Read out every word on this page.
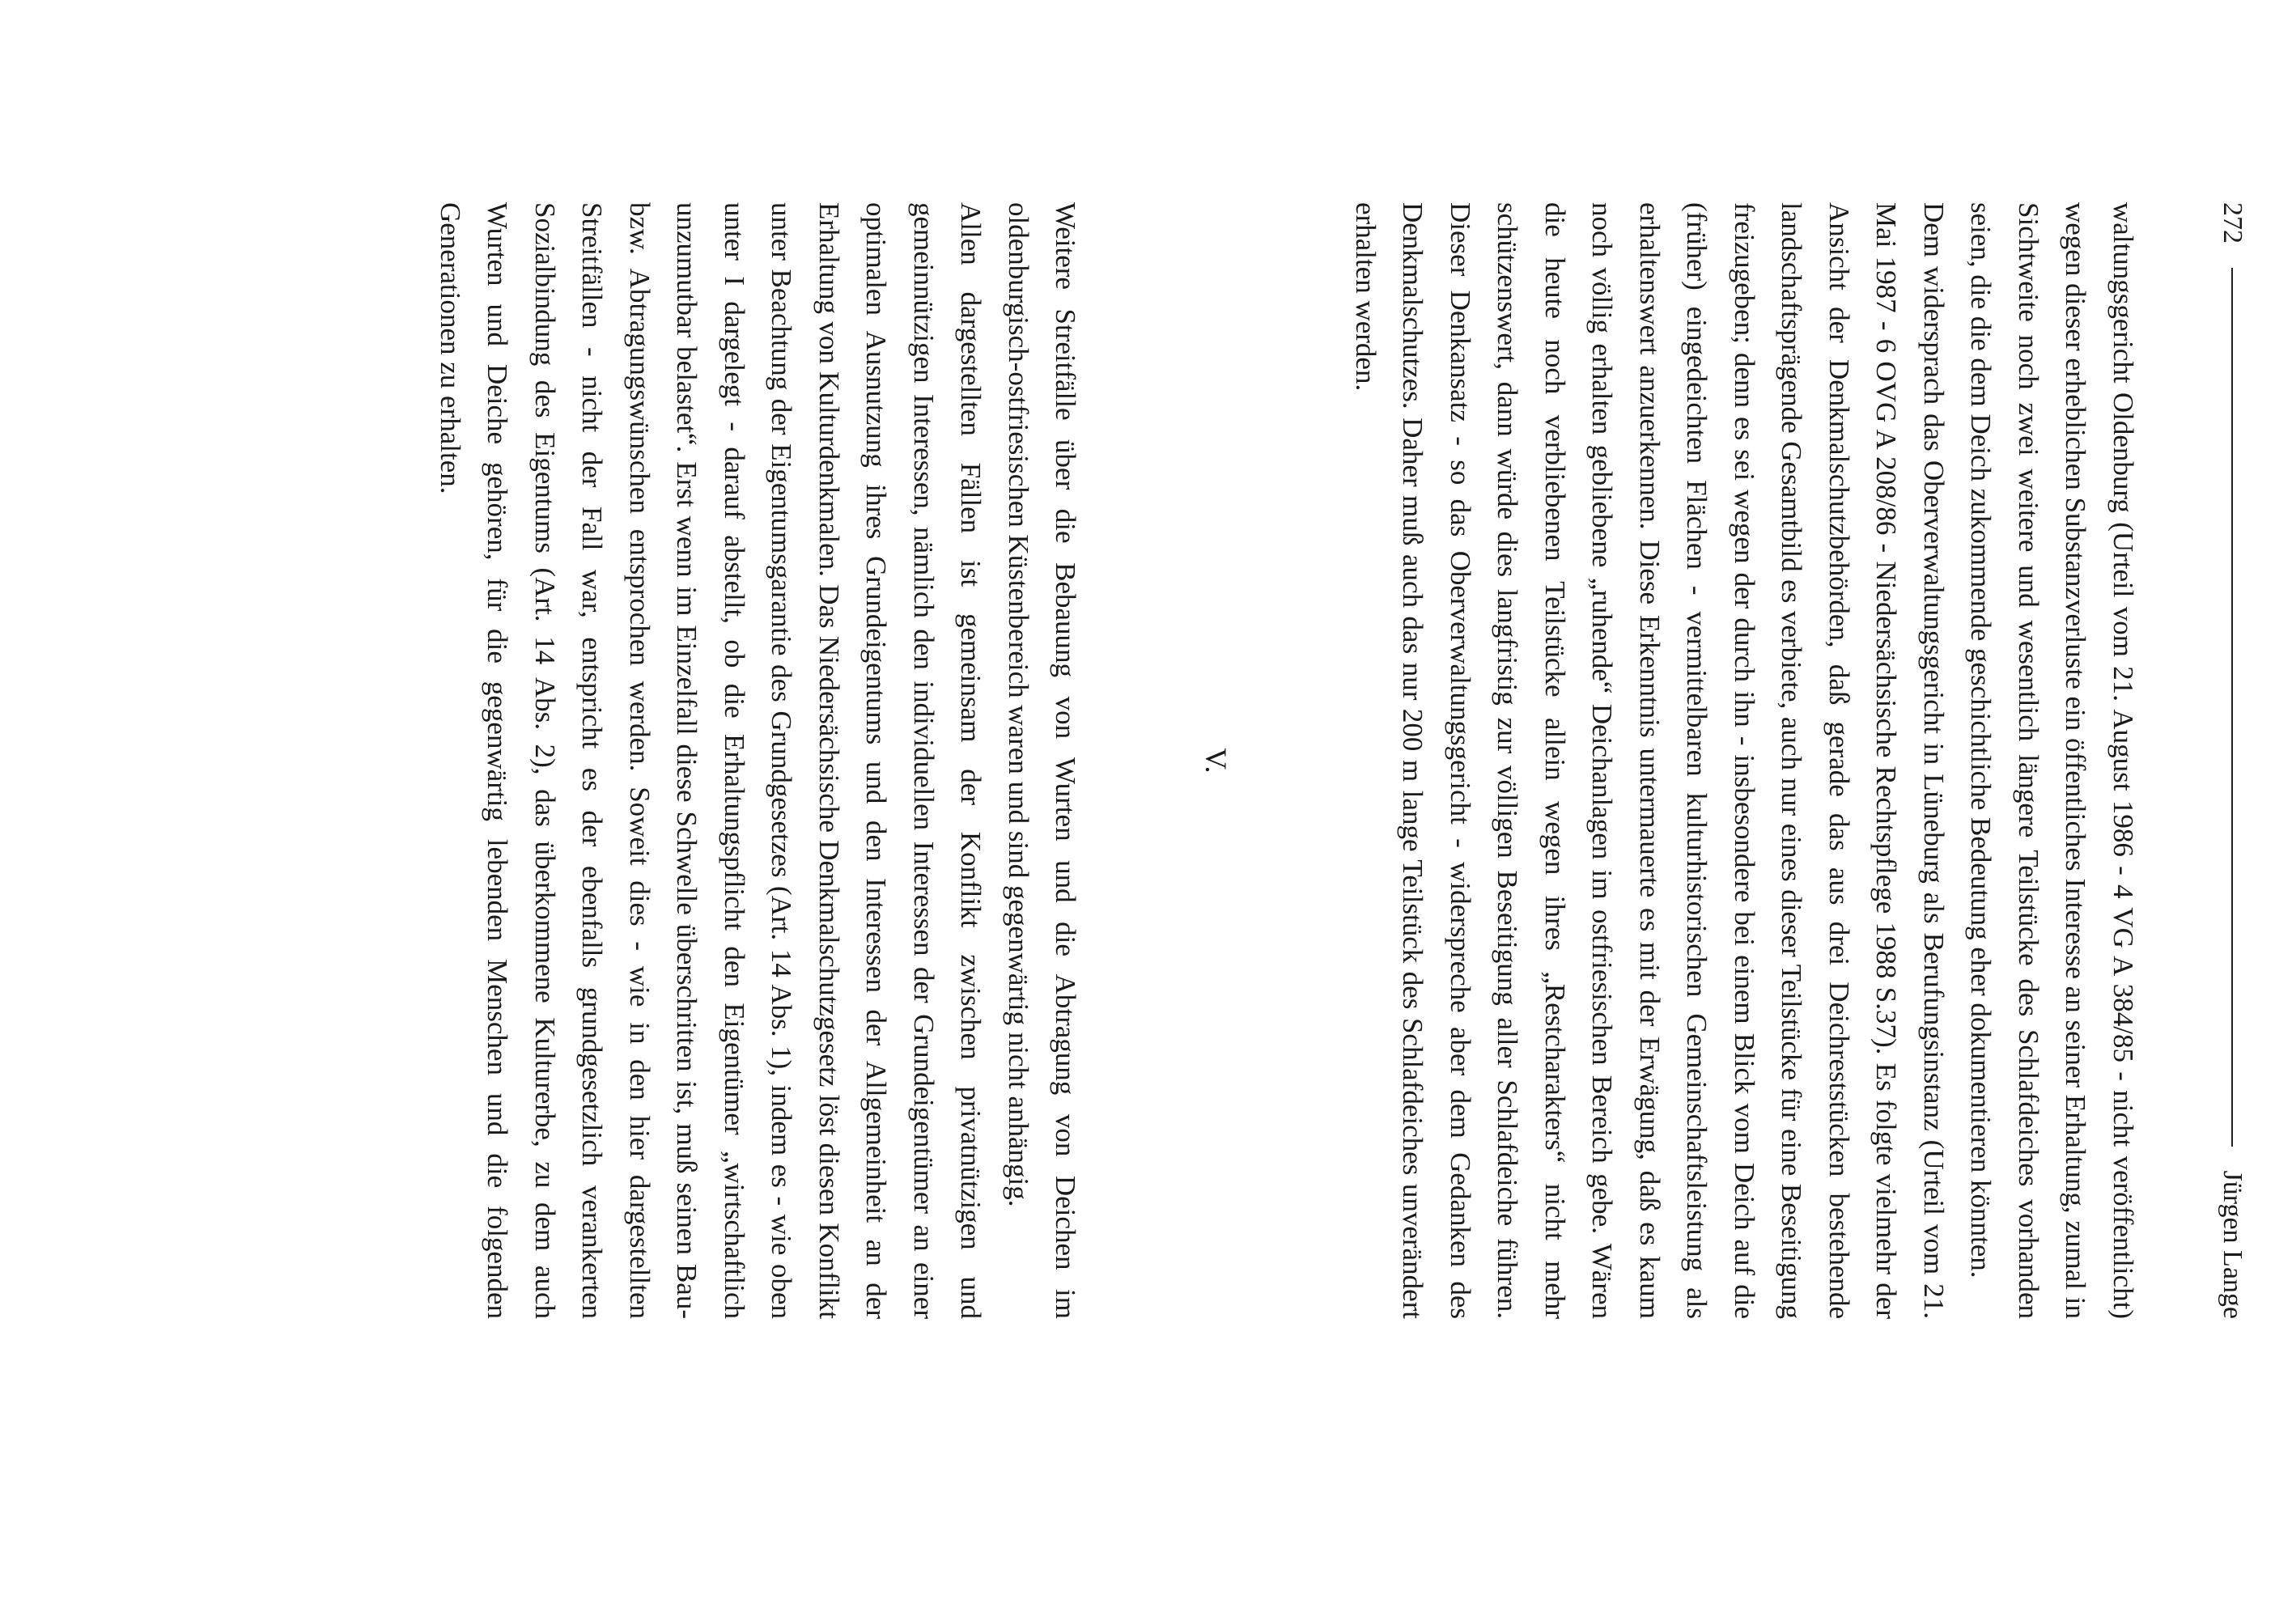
272
Jürgen Lange

waltungsgericht Oldenburg (Urteil vom 21. August 1986 - 4 VG A 384/85 - nicht veröffentlicht) wegen dieser erheblichen Substanzverluste ein öffentliches Interesse an seiner Erhaltung, zumal in Sichtweite noch zwei weitere und wesentlich längere Teilstücke des Schlafdeiches vorhanden seien, die die dem Deich zukommende geschichtliche Bedeutung eher dokumentieren könnten.

Dem widersprach das Oberverwaltungsgericht in Lüneburg als Berufungsinstanz (Urteil vom 21. Mai 1987 - 6 OVG A 208/86 - Niedersächsische Rechtspflege 1988 S.37). Es folgte vielmehr der Ansicht der Denkmalschutzbehörden, daß gerade das aus drei Deichreststücken bestehende landschaftsprägende Gesamtbild es verbiete, auch nur eines dieser Teilstücke für eine Beseitigung freizugeben; denn es sei wegen der durch ihn - insbesondere bei einem Blick vom Deich auf die (früher) eingedeichten Flächen - vermittelbaren kulturhistorischen Gemeinschaftsleistung als erhaltenswert anzuerkennen. Diese Erkenntnis untermauerte es mit der Erwägung, daß es kaum noch völlig erhalten gebliebene „ruhende“ Deichanlagen im ostfriesischen Bereich gebe. Wären die heute noch verbliebenen Teilstücke allein wegen ihres „Restcharakters“ nicht mehr schützenswert, dann würde dies langfristig zur völligen Beseitigung aller Schlafdeiche führen. Dieser Denkansatz - so das Oberverwaltungsgericht - widerspreche aber dem Gedanken des Denkmalschutzes. Daher muß auch das nur 200 m lange Teilstück des Schlafdeiches unverändert erhalten werden.

V.

Weitere Streitfälle über die Bebauung von Wurten und die Abtragung von Deichen im oldenburgisch-ostfriesischen Küstenbereich waren und sind gegenwärtig nicht anhängig.

Allen dargestellten Fällen ist gemeinsam der Konflikt zwischen privatnützigen und gemeinnützigen Interessen, nämlich den individuellen Interessen der Grundeigentümer an einer optimalen Ausnutzung ihres Grundeigentums und den Interessen der Allgemeinheit an der Erhaltung von Kulturdenkmalen. Das Niedersächsische Denkmalschutzgesetz löst diesen Konflikt unter Beachtung der Eigentumsgarantie des Grundgesetzes (Art. 14 Abs. 1), indem es - wie oben unter I dargelegt - darauf abstellt, ob die Erhaltungspflicht den Eigentümer „wirtschaftlich unzumutbar belastet“. Erst wenn im Einzelfall diese Schwelle überschritten ist, muß seinen Bau- bzw. Abtragungswünschen entsprochen werden. Soweit dies - wie in den hier dargestellten Streitfällen - nicht der Fall war, entspricht es der ebenfalls grundgesetzlich verankerten Sozialbindung des Eigentums (Art. 14 Abs. 2), das überkommene Kulturerbe, zu dem auch Wurten und Deiche gehören, für die gegenwärtig lebenden Menschen und die folgenden Generationen zu erhalten.
